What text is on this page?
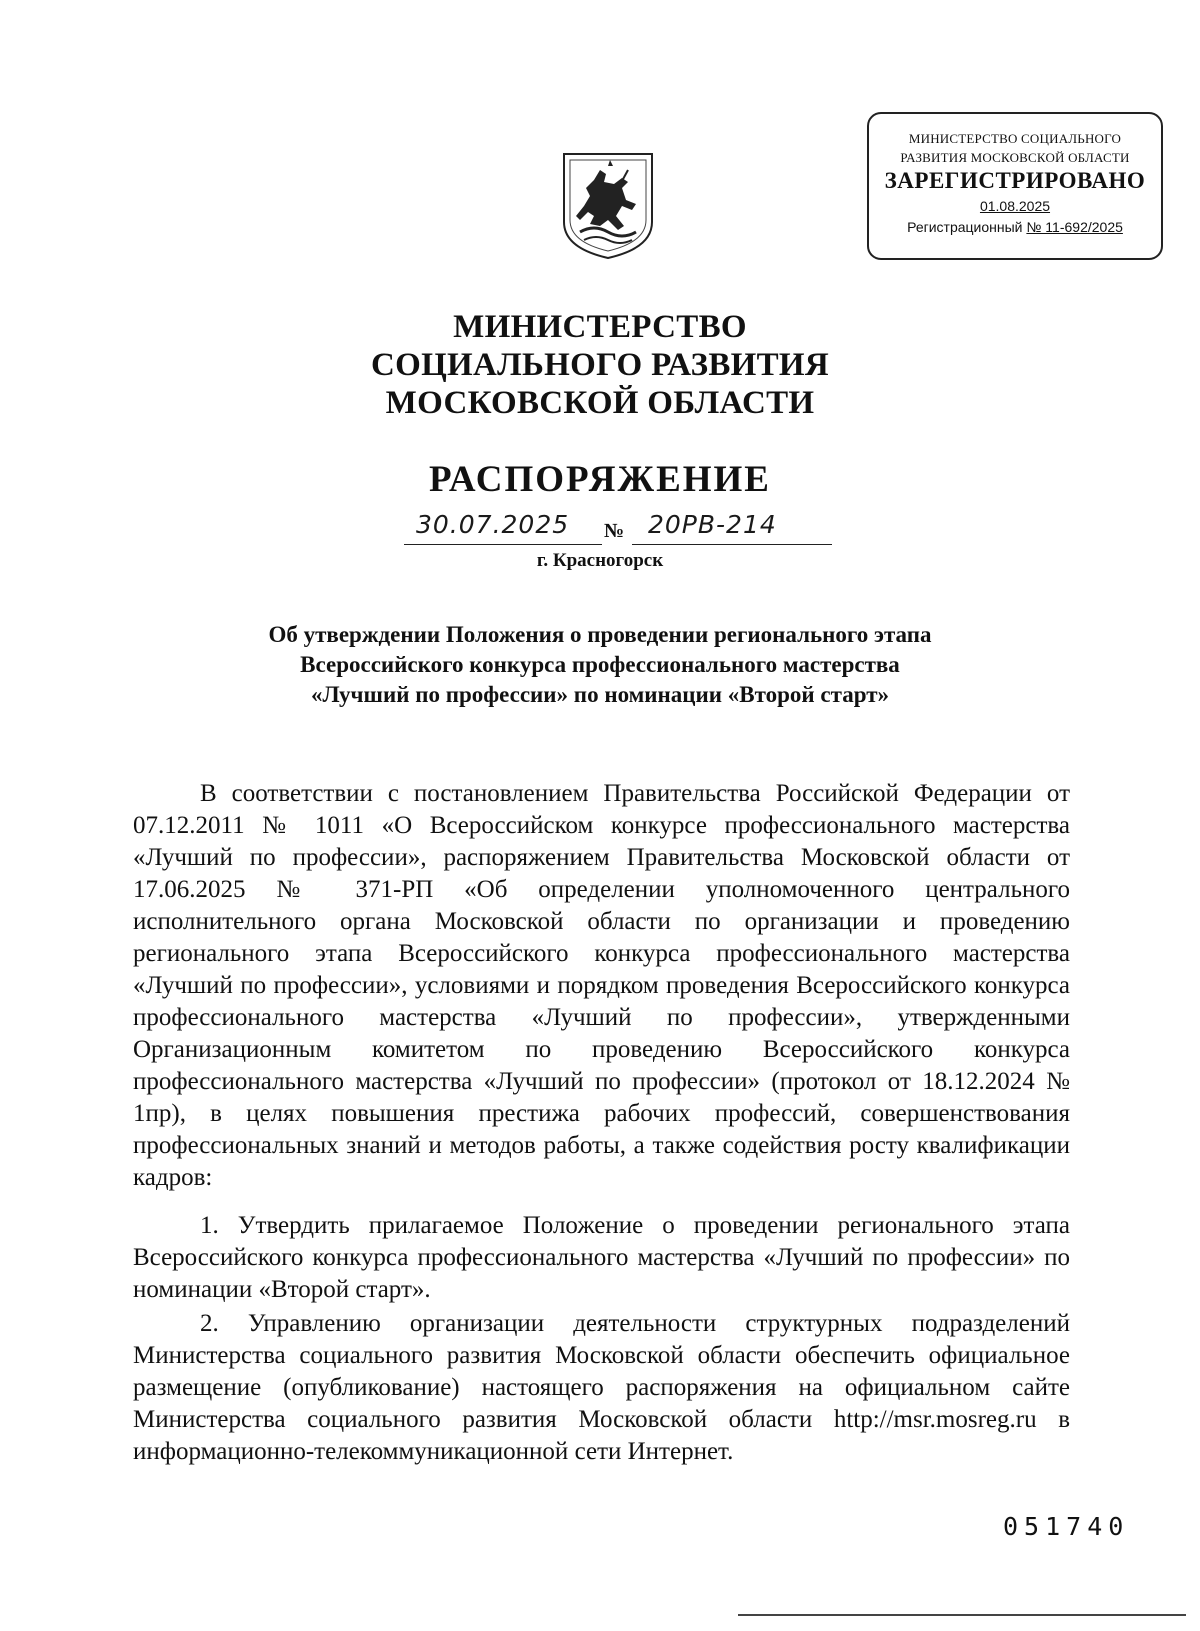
МИНИСТЕРСТВО СОЦИАЛЬНОГО
РАЗВИТИЯ МОСКОВСКОЙ ОБЛАСТИ
ЗАРЕГИСТРИРОВАНО
01.08.2025
Регистрационный № 11-692/2025
МИНИСТЕРСТВО
СОЦИАЛЬНОГО РАЗВИТИЯ
МОСКОВСКОЙ ОБЛАСТИ
РАСПОРЯЖЕНИЕ
30.07.2025 № 20РВ-214
г. Красногорск
Об утверждении Положения о проведении регионального этапа
Всероссийского конкурса профессионального мастерства
«Лучший по профессии» по номинации «Второй старт»
В соответствии с постановлением Правительства Российской Федерации от 07.12.2011 № 1011 «О Всероссийском конкурсе профессионального мастерства «Лучший по профессии», распоряжением Правительства Московской области от 17.06.2025 № 371-РП «Об определении уполномоченного центрального исполнительного органа Московской области по организации и проведению регионального этапа Всероссийского конкурса профессионального мастерства «Лучший по профессии», условиями и порядком проведения Всероссийского конкурса профессионального мастерства «Лучший по профессии», утвержденными Организационным комитетом по проведению Всероссийского конкурса профессионального мастерства «Лучший по профессии» (протокол от 18.12.2024 № 1пр), в целях повышения престижа рабочих профессий, совершенствования профессиональных знаний и методов работы, а также содействия росту квалификации кадров:
1. Утвердить прилагаемое Положение о проведении регионального этапа Всероссийского конкурса профессионального мастерства «Лучший по профессии» по номинации «Второй старт».
2. Управлению организации деятельности структурных подразделений Министерства социального развития Московской области обеспечить официальное размещение (опубликование) настоящего распоряжения на официальном сайте Министерства социального развития Московской области http://msr.mosreg.ru в информационно-телекоммуникационной сети Интернет.
051740
